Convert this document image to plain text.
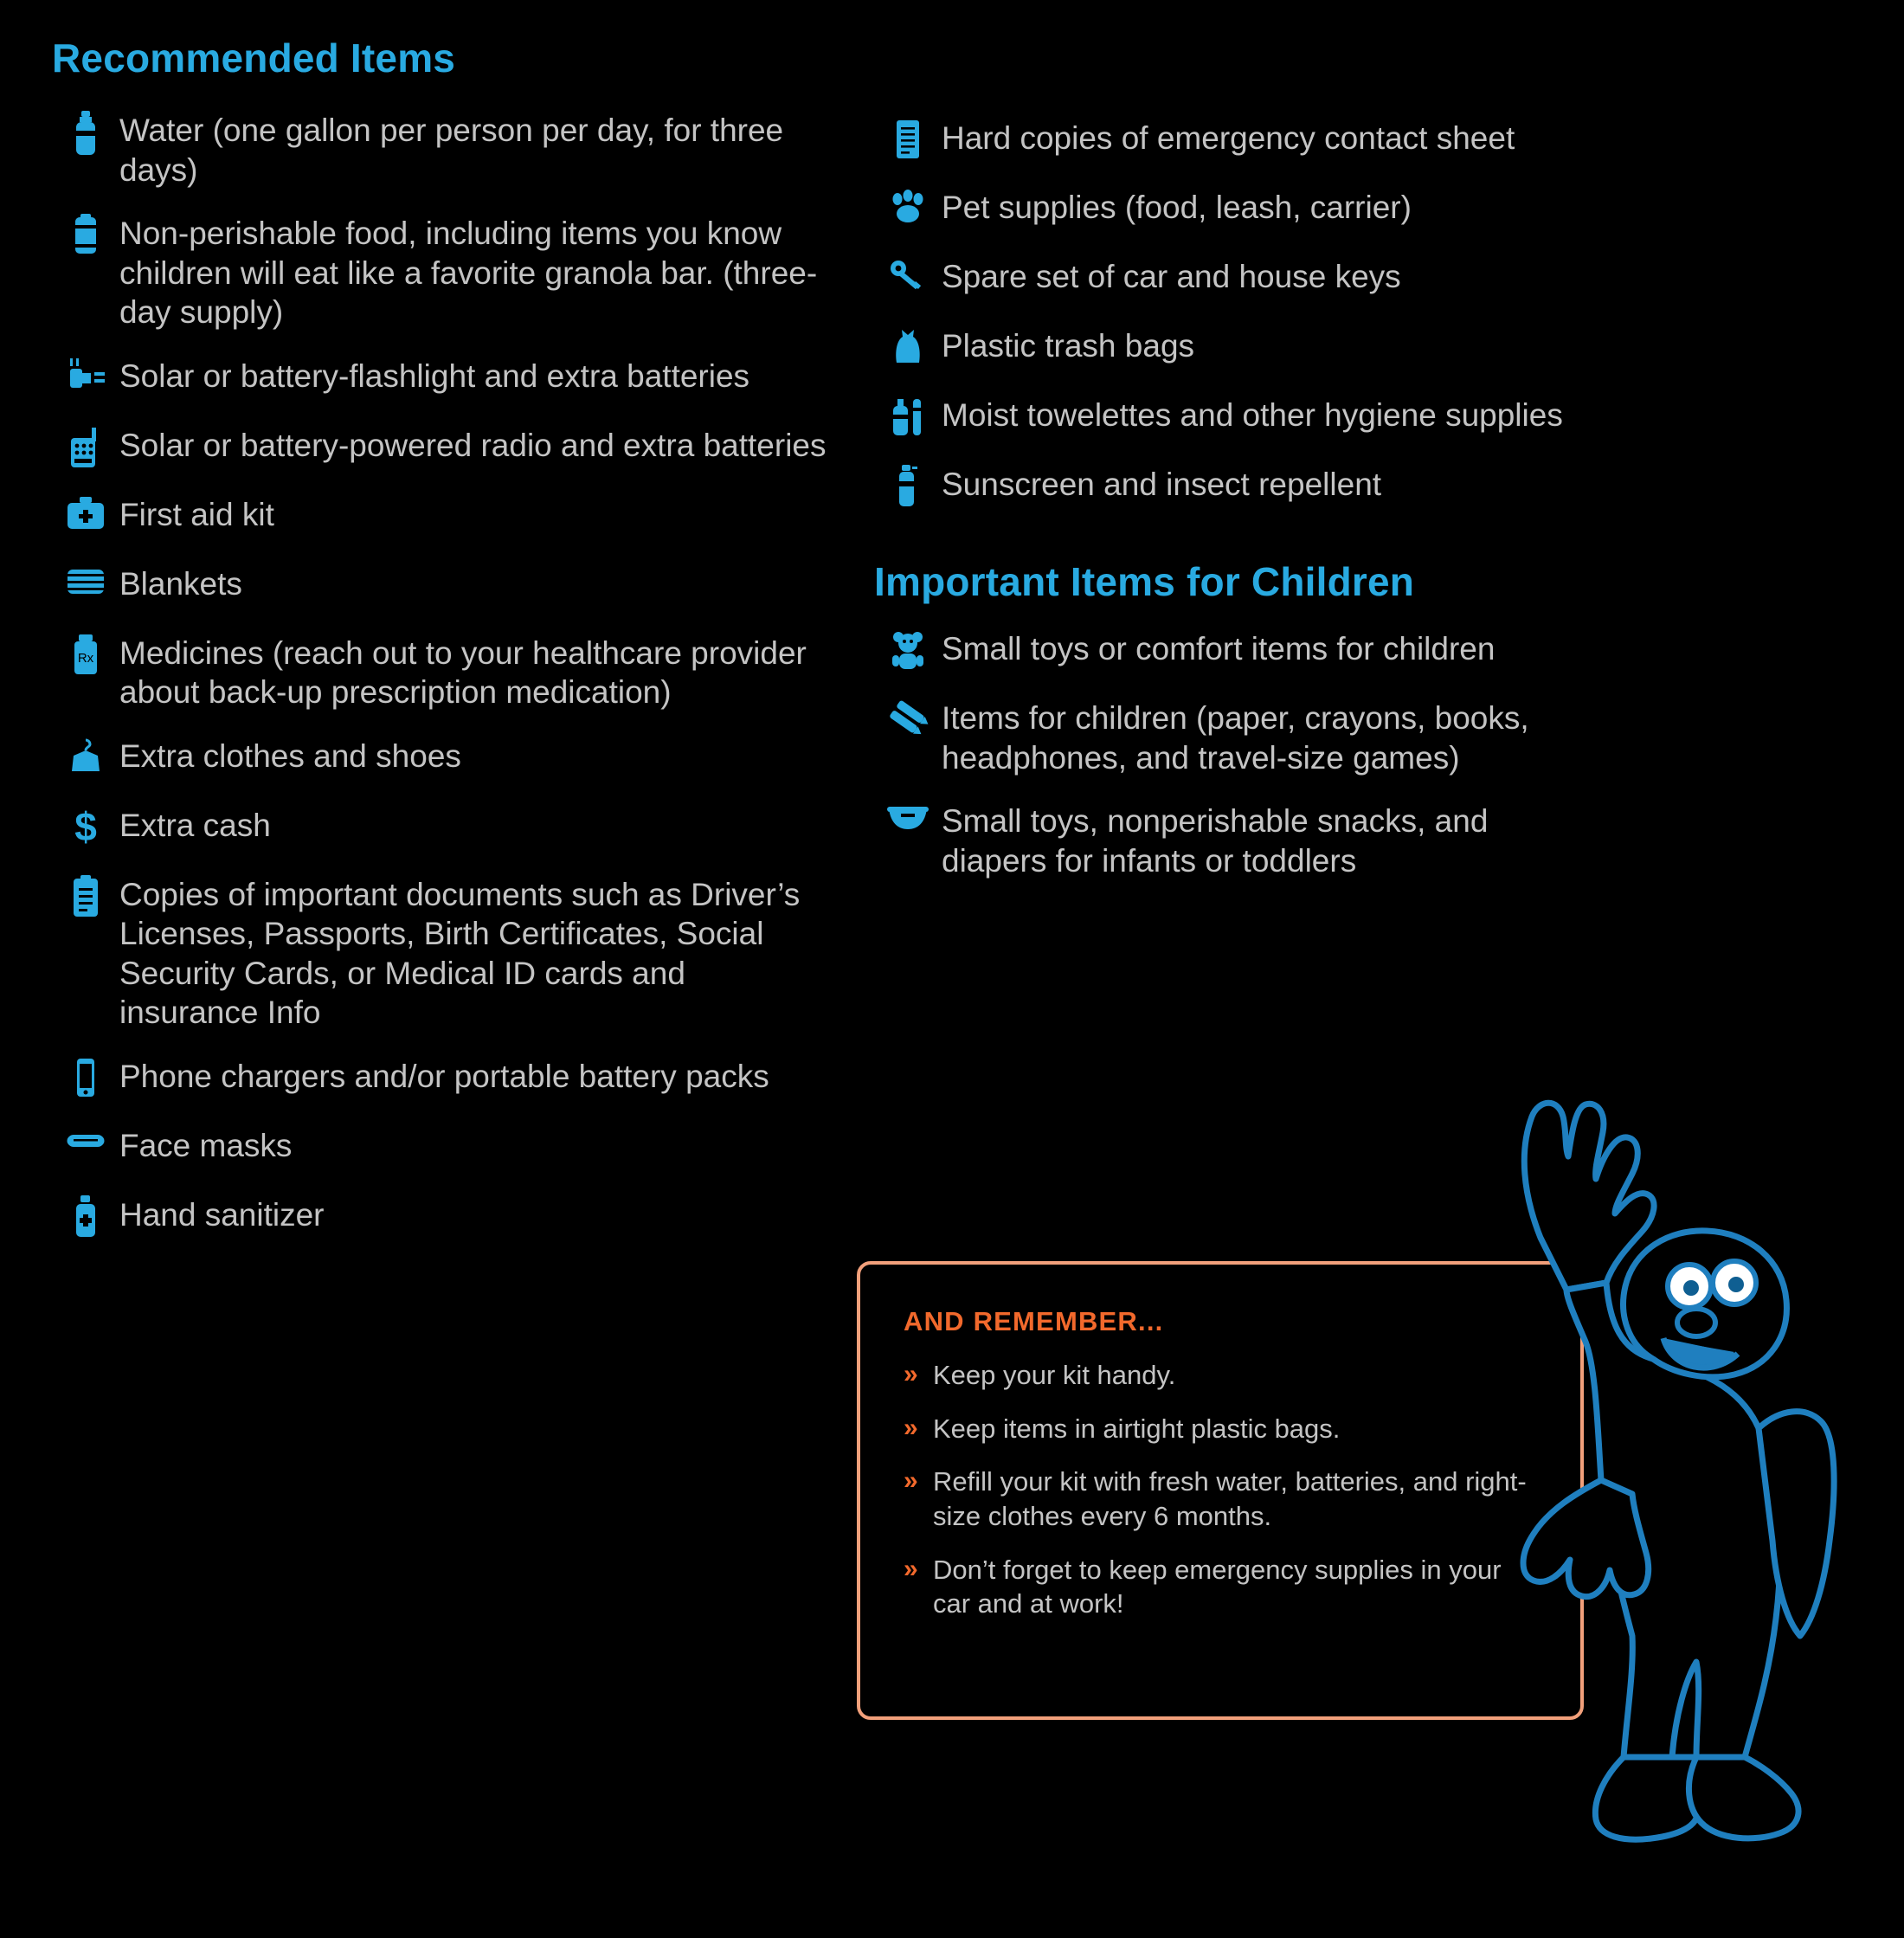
Recommended Items
Water (one gallon per person per day, for three days)
Non-perishable food, including items you know children will eat like a favorite granola bar. (three-day supply)
Solar or battery-flashlight and extra batteries
Solar or battery-powered radio and extra batteries
First aid kit
Blankets
Rx Medicines (reach out to your healthcare provider about back-up prescription medication)
Extra clothes and shoes
$ Extra cash
Copies of important documents such as Driver’s Licenses, Passports, Birth Certificates, Social Security Cards, or Medical ID cards and insurance Info
Phone chargers and/or portable battery packs
Face masks
Hand sanitizer
Hard copies of emergency contact sheet
Pet supplies (food, leash, carrier)
Spare set of car and house keys
Plastic trash bags
Moist towelettes and other hygiene supplies
Sunscreen and insect repellent
Important Items for Children
Small toys or comfort items for children
Items for children (paper, crayons, books, headphones, and travel-size games)
Small toys, nonperishable snacks, and diapers for infants or toddlers
AND REMEMBER...
» Keep your kit handy.
» Keep items in airtight plastic bags.
» Refill your kit with fresh water, batteries, and right-size clothes every 6 months.
» Don’t forget to keep emergency supplies in your car and at work!
